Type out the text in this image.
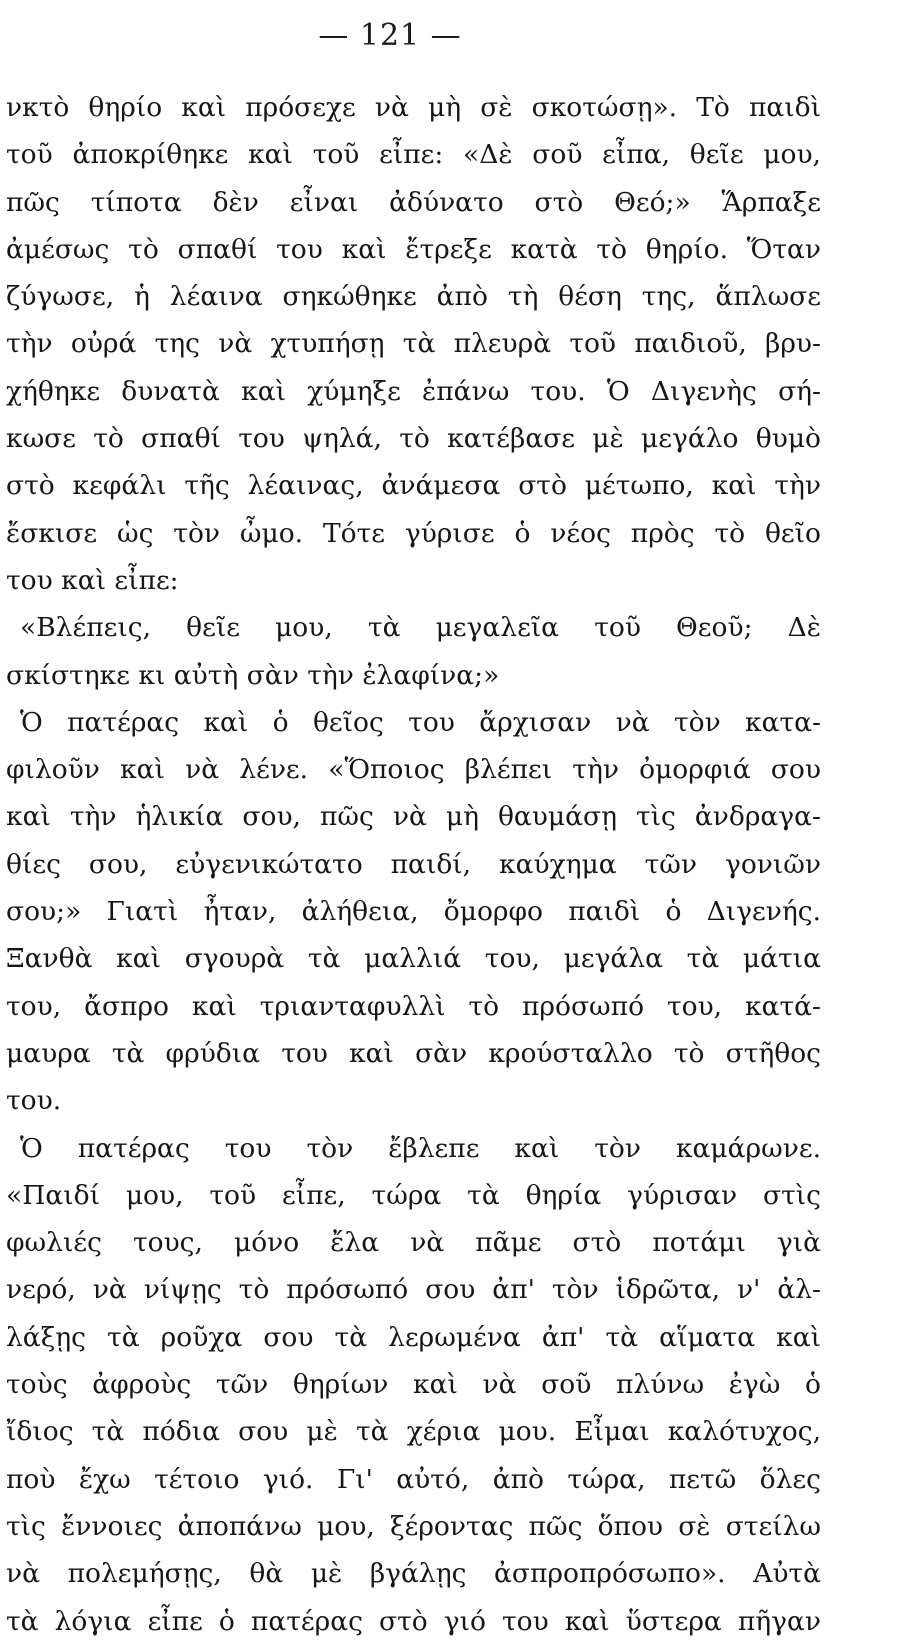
— 121 —
νκτὸ θηρίο καὶ πρόσεχε νὰ μὴ σὲ σκοτώσῃ». Τὸ παιδὶ
τοῦ ἀποκρίθηκε καὶ τοῦ εἶπε: «Δὲ σοῦ εἶπα, θεῖε μου,
πῶς τίποτα δὲν εἶναι ἀδύνατο στὸ Θεό;» Ἅρπαξε
ἀμέσως τὸ σπαθί του καὶ ἔτρεξε κατὰ τὸ θηρίο. Ὅταν
ζύγωσε, ἡ λέαινα σηκώθηκε ἀπὸ τὴ θέση της, ἅπλωσε
τὴν οὐρά της νὰ χτυπήσῃ τὰ πλευρὰ τοῦ παιδιοῦ, βρυ-
χήθηκε δυνατὰ καὶ χύμηξε ἐπάνω του. Ὁ Διγενὴς σή-
κωσε τὸ σπαθί του ψηλά, τὸ κατέβασε μὲ μεγάλο θυμὸ
στὸ κεφάλι τῆς λέαινας, ἀνάμεσα στὸ μέτωπο, καὶ τὴν
ἔσκισε ὡς τὸν ὦμο. Τότε γύρισε ὁ νέος πρὸς τὸ θεῖο
του καὶ εἶπε:
«Βλέπεις, θεῖε μου, τὰ μεγαλεῖα τοῦ Θεοῦ; Δὲ
σκίστηκε κι αὐτὴ σὰν τὴν ἐλαφίνα;»
Ὁ πατέρας καὶ ὁ θεῖος του ἄρχισαν νὰ τὸν κατα-
φιλοῦν καὶ νὰ λένε. «Ὅποιος βλέπει τὴν ὀμορφιά σου
καὶ τὴν ἡλικία σου, πῶς νὰ μὴ θαυμάσῃ τὶς ἀνδραγα-
θίες σου, εὐγενικώτατο παιδί, καύχημα τῶν γονιῶν
σου;» Γιατὶ ἦταν, ἀλήθεια, ὄμορφο παιδὶ ὁ Διγενής.
Ξανθὰ καὶ σγουρὰ τὰ μαλλιά του, μεγάλα τὰ μάτια
του, ἄσπρο καὶ τριανταφυλλὶ τὸ πρόσωπό του, κατά-
μαυρα τὰ φρύδια του καὶ σὰν κρούσταλλο τὸ στῆθος
του.
Ὁ πατέρας του τὸν ἔβλεπε καὶ τὸν καμάρωνε.
«Παιδί μου, τοῦ εἶπε, τώρα τὰ θηρία γύρισαν στὶς
φωλιές τους, μόνο ἔλα νὰ πᾶμε στὸ ποτάμι γιὰ
νερό, νὰ νίψῃς τὸ πρόσωπό σου ἀπ' τὸν ἱδρῶτα, ν' ἀλ-
λάξῃς τὰ ροῦχα σου τὰ λερωμένα ἀπ' τὰ αἵματα καὶ
τοὺς ἀφροὺς τῶν θηρίων καὶ νὰ σοῦ πλύνω ἐγὼ ὁ
ἴδιος τὰ πόδια σου μὲ τὰ χέρια μου. Εἶμαι καλότυχος,
ποὺ ἔχω τέτοιο γιό. Γι' αὐτό, ἀπὸ τώρα, πετῶ ὅλες
τὶς ἔννοιες ἀποπάνω μου, ξέροντας πῶς ὅπου σὲ στείλω
νὰ πολεμήσῃς, θὰ μὲ βγάλῃς ἀσπροπρόσωπο». Αὐτὰ
τὰ λόγια εἶπε ὁ πατέρας στὸ γιό του καὶ ὕστερα πῆγαν
